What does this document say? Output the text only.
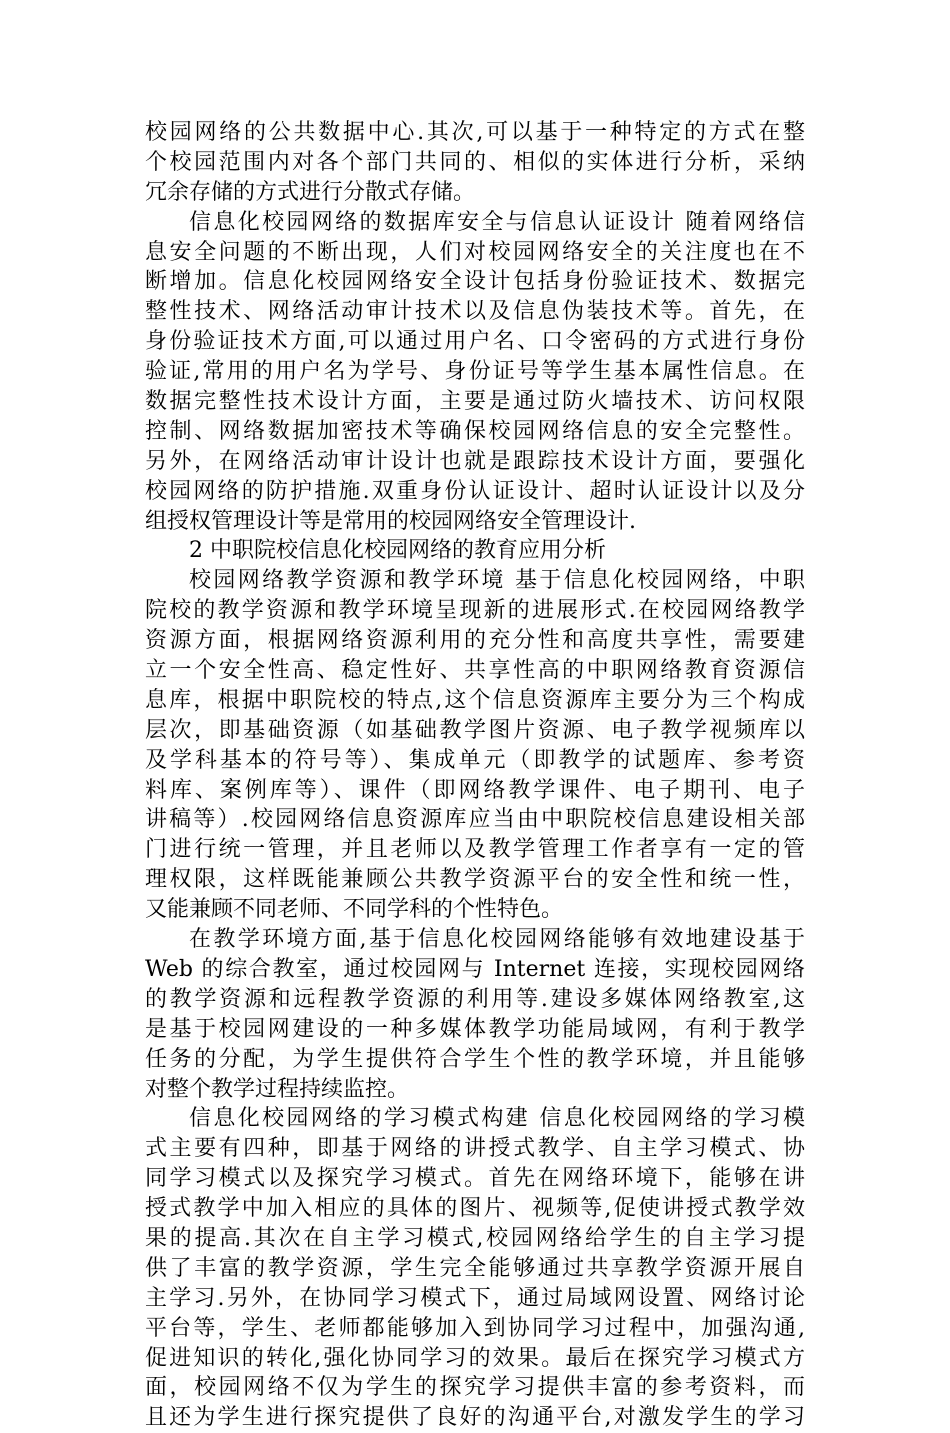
校园网络的公共数据中心.其次,可以基于一种特定的方式在整
个校园范围内对各个部门共同的、相似的实体进行分析，采纳
冗余存储的方式进行分散式存储。
信息化校园网络的数据库安全与信息认证设计 随着网络信
息安全问题的不断出现，人们对校园网络安全的关注度也在不
断增加。信息化校园网络安全设计包括身份验证技术、数据完
整性技术、网络活动审计技术以及信息伪装技术等。首先，在
身份验证技术方面,可以通过用户名、口令密码的方式进行身份
验证,常用的用户名为学号、身份证号等学生基本属性信息。在
数据完整性技术设计方面，主要是通过防火墙技术、访问权限
控制、网络数据加密技术等确保校园网络信息的安全完整性。
另外，在网络活动审计设计也就是跟踪技术设计方面，要强化
校园网络的防护措施.双重身份认证设计、超时认证设计以及分
组授权管理设计等是常用的校园网络安全管理设计.
2 中职院校信息化校园网络的教育应用分析
校园网络教学资源和教学环境 基于信息化校园网络，中职
院校的教学资源和教学环境呈现新的进展形式.在校园网络教学
资源方面，根据网络资源利用的充分性和高度共享性，需要建
立一个安全性高、稳定性好、共享性高的中职网络教育资源信
息库，根据中职院校的特点,这个信息资源库主要分为三个构成
层次，即基础资源（如基础教学图片资源、电子教学视频库以
及学科基本的符号等）、集成单元（即教学的试题库、参考资
料库、案例库等）、课件（即网络教学课件、电子期刊、电子
讲稿等）.校园网络信息资源库应当由中职院校信息建设相关部
门进行统一管理，并且老师以及教学管理工作者享有一定的管
理权限，这样既能兼顾公共教学资源平台的安全性和统一性，
又能兼顾不同老师、不同学科的个性特色。
在教学环境方面,基于信息化校园网络能够有效地建设基于
Web 的综合教室，通过校园网与 Internet 连接，实现校园网络
的教学资源和远程教学资源的利用等.建设多媒体网络教室,这
是基于校园网建设的一种多媒体教学功能局域网，有利于教学
任务的分配，为学生提供符合学生个性的教学环境，并且能够
对整个教学过程持续监控。
信息化校园网络的学习模式构建 信息化校园网络的学习模
式主要有四种，即基于网络的讲授式教学、自主学习模式、协
同学习模式以及探究学习模式。首先在网络环境下，能够在讲
授式教学中加入相应的具体的图片、视频等,促使讲授式教学效
果的提高.其次在自主学习模式,校园网络给学生的自主学习提
供了丰富的教学资源，学生完全能够通过共享教学资源开展自
主学习.另外，在协同学习模式下，通过局域网设置、网络讨论
平台等，学生、老师都能够加入到协同学习过程中，加强沟通,
促进知识的转化,强化协同学习的效果。最后在探究学习模式方
面，校园网络不仅为学生的探究学习提供丰富的参考资料，而
且还为学生进行探究提供了良好的沟通平台,对激发学生的学习
